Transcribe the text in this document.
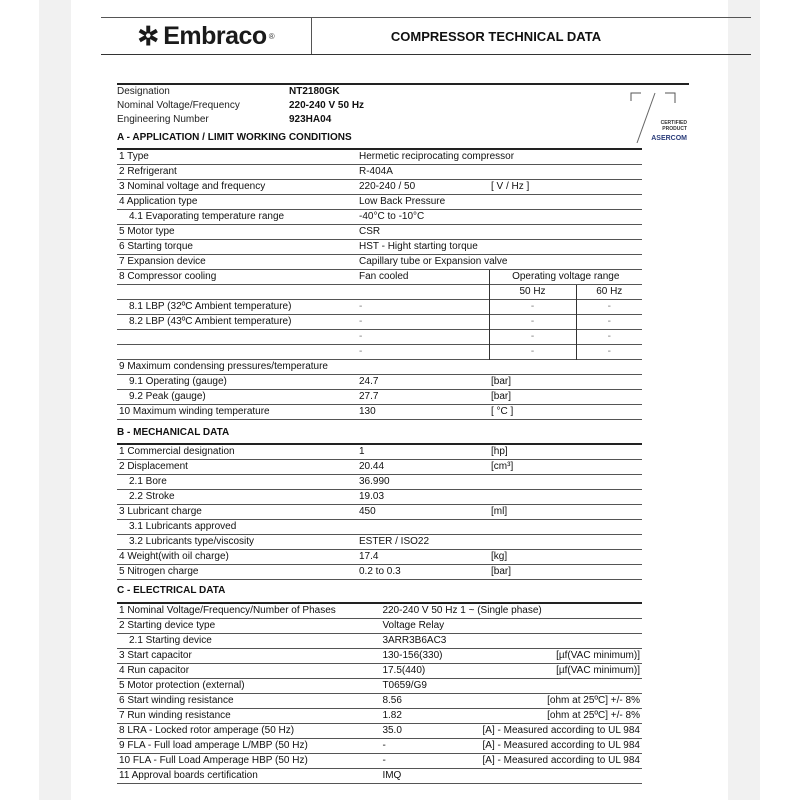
✲ Embraco ®	COMPRESSOR TECHNICAL DATA
Designation	NT2180GK
Nominal Voltage/Frequency	220-240 V 50 Hz
Engineering Number	923HA04	CERTIFIED
PRODUCT
ASERCOM
A - APPLICATION / LIMIT WORKING CONDITIONS
1 Type	Hermetic reciprocating compressor		
2 Refrigerant	R-404A		
3 Nominal voltage and frequency	220-240 / 50	[ V / Hz ]	
4 Application type	Low Back Pressure		
4.1 Evaporating temperature range	-40°C to -10°C		
5 Motor type	CSR		
6 Starting torque	HST - Hight starting torque		
7 Expansion device	Capillary tube or Expansion valve		
8 Compressor cooling	Fan cooled	Operating voltage range	
		50 Hz	60 Hz
8.1 LBP (32ºC Ambient temperature)	-	-	-
8.2 LBP (43ºC Ambient temperature)	-	-	-
	-	-	-
	-	-	-
9 Maximum condensing pressures/temperature			
9.1 Operating (gauge)	24.7	[bar]	
9.2 Peak (gauge)	27.7	[bar]	
10 Maximum winding temperature	130	[ °C ]	
B - MECHANICAL DATA
1 Commercial designation	1	[hp]
2 Displacement	20.44	[cm³]
2.1 Bore	36.990	
2.2 Stroke	19.03	
3 Lubricant charge	450	[ml]
3.1 Lubricants approved		
3.2 Lubricants type/viscosity	ESTER / ISO22	
4 Weight(with oil charge)	17.4	[kg]
5 Nitrogen charge	0.2 to 0.3	[bar]
C - ELECTRICAL DATA
1 Nominal Voltage/Frequency/Number of Phases	220-240 V 50 Hz 1 ~ (Single phase)	
2 Starting device type	Voltage Relay	
2.1 Starting device	3ARR3B6AC3	
3 Start capacitor	130-156(330)	[µf(VAC minimum)]
4 Run capacitor	17.5(440)	[µf(VAC minimum)]
5 Motor protection (external)	T0659/G9	
6 Start winding resistance	8.56	[ohm at 25ºC] +/- 8%
7 Run winding resistance	1.82	[ohm at 25ºC] +/- 8%
8 LRA - Locked rotor amperage (50 Hz)	35.0	[A] - Measured according to UL 984
9 FLA - Full load amperage L/MBP (50 Hz)	-	[A] - Measured according to UL 984
10 FLA - Full Load Amperage HBP (50 Hz)	-	[A] - Measured according to UL 984
11 Approval boards certification	IMQ	
